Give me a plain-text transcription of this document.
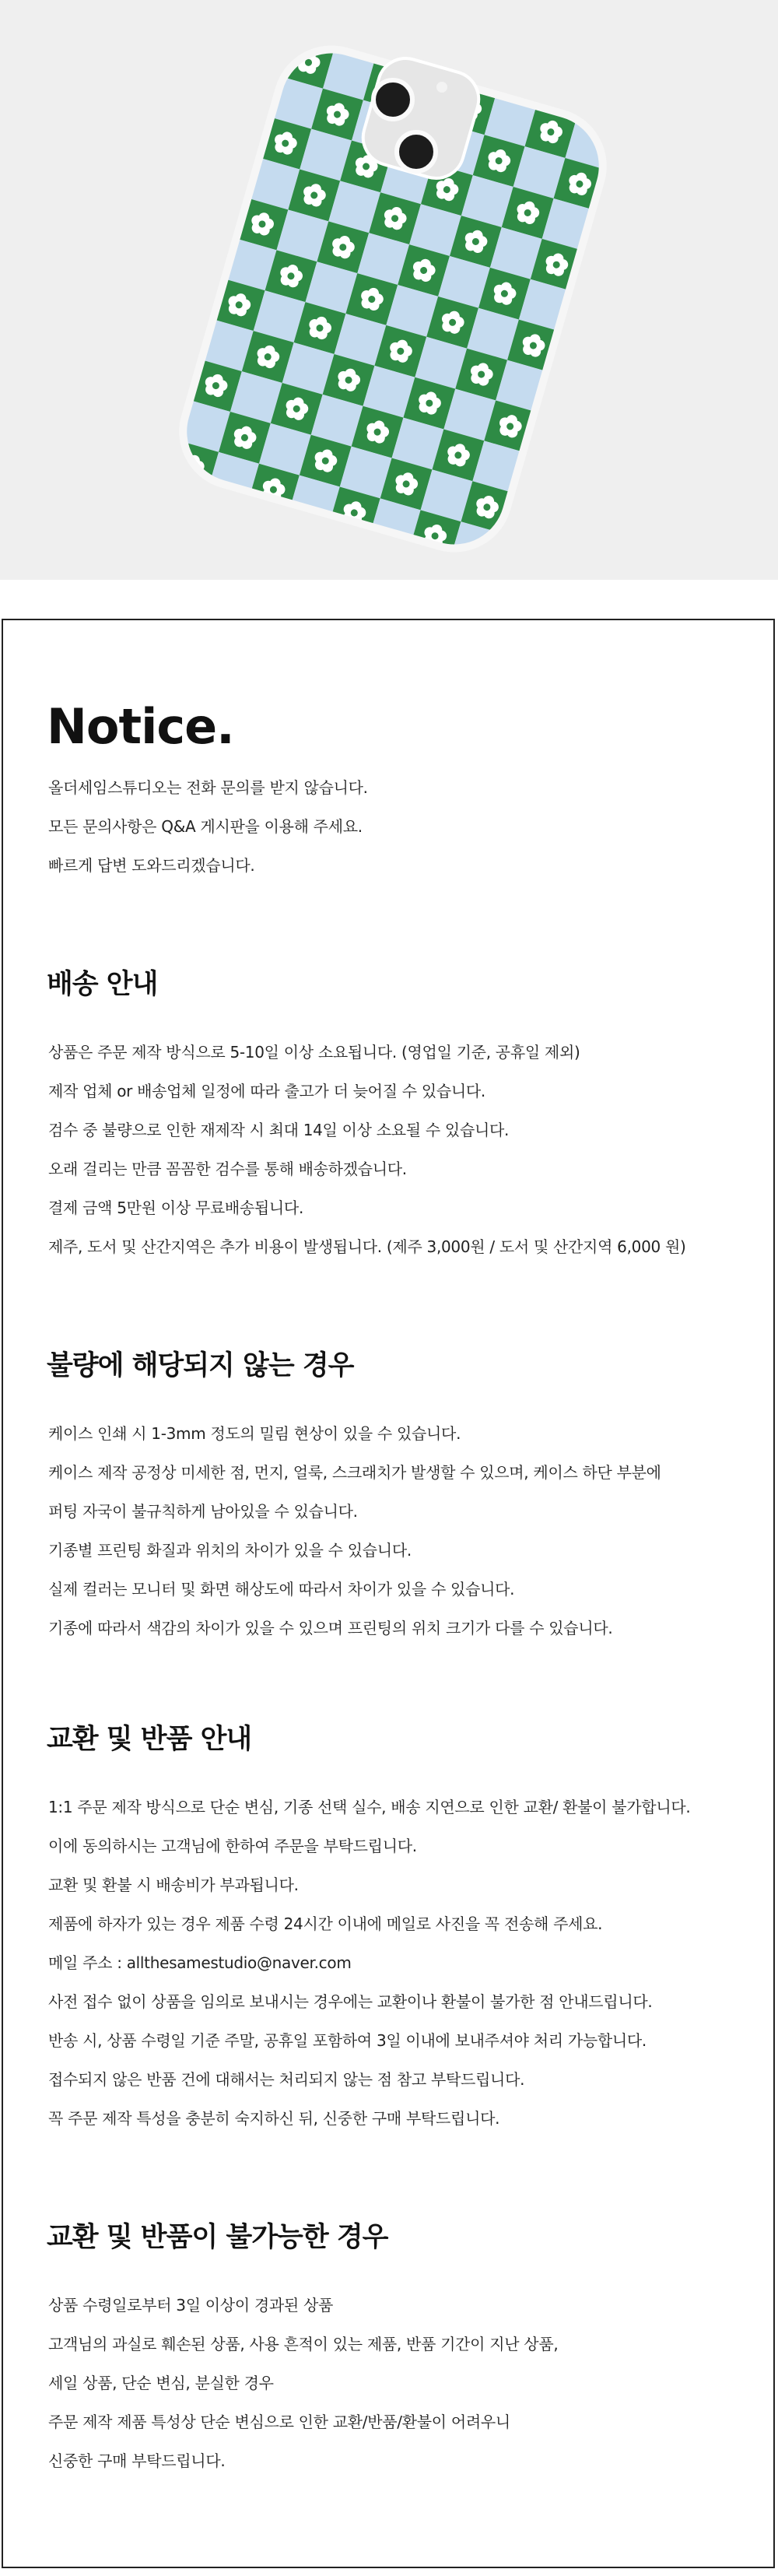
Notice.
올더세임스튜디오는 전화 문의를 받지 않습니다.
모든 문의사항은 Q&A 게시판을 이용해 주세요.
빠르게 답변 도와드리겠습니다.
배송 안내
상품은 주문 제작 방식으로 5-10일 이상 소요됩니다. (영업일 기준, 공휴일 제외)
제작 업체 or 배송업체 일정에 따라 출고가 더 늦어질 수 있습니다.
검수 중 불량으로 인한 재제작 시 최대 14일 이상 소요될 수 있습니다.
오래 걸리는 만큼 꼼꼼한 검수를 통해 배송하겠습니다.
결제 금액 5만원 이상 무료배송됩니다.
제주, 도서 및 산간지역은 추가 비용이 발생됩니다. (제주 3,000원 / 도서 및 산간지역 6,000 원)
불량에 해당되지 않는 경우
케이스 인쇄 시 1-3mm 정도의 밀림 현상이 있을 수 있습니다.
케이스 제작 공정상 미세한 점, 먼지, 얼룩, 스크래치가 발생할 수 있으며, 케이스 하단 부분에
퍼팅 자국이 불규칙하게 남아있을 수 있습니다.
기종별 프린팅 화질과 위치의 차이가 있을 수 있습니다.
실제 컬러는 모니터 및 화면 해상도에 따라서 차이가 있을 수 있습니다.
기종에 따라서 색감의 차이가 있을 수 있으며 프린팅의 위치 크기가 다를 수 있습니다.
교환 및 반품 안내
1:1 주문 제작 방식으로 단순 변심, 기종 선택 실수, 배송 지연으로 인한 교환/ 환불이 불가합니다.
이에 동의하시는 고객님에 한하여 주문을 부탁드립니다.
교환 및 환불 시 배송비가 부과됩니다.
제품에 하자가 있는 경우 제품 수령 24시간 이내에 메일로 사진을 꼭 전송해 주세요.
메일 주소 : allthesamestudio@naver.com
사전 접수 없이 상품을 임의로 보내시는 경우에는 교환이나 환불이 불가한 점 안내드립니다.
반송 시, 상품 수령일 기준 주말, 공휴일 포함하여 3일 이내에 보내주셔야 처리 가능합니다.
접수되지 않은 반품 건에 대해서는 처리되지 않는 점 참고 부탁드립니다.
꼭 주문 제작 특성을 충분히 숙지하신 뒤, 신중한 구매 부탁드립니다.
교환 및 반품이 불가능한 경우
상품 수령일로부터 3일 이상이 경과된 상품
고객님의 과실로 훼손된 상품, 사용 흔적이 있는 제품, 반품 기간이 지난 상품,
세일 상품, 단순 변심, 분실한 경우
주문 제작 제품 특성상 단순 변심으로 인한 교환/반품/환불이 어려우니
신중한 구매 부탁드립니다.
